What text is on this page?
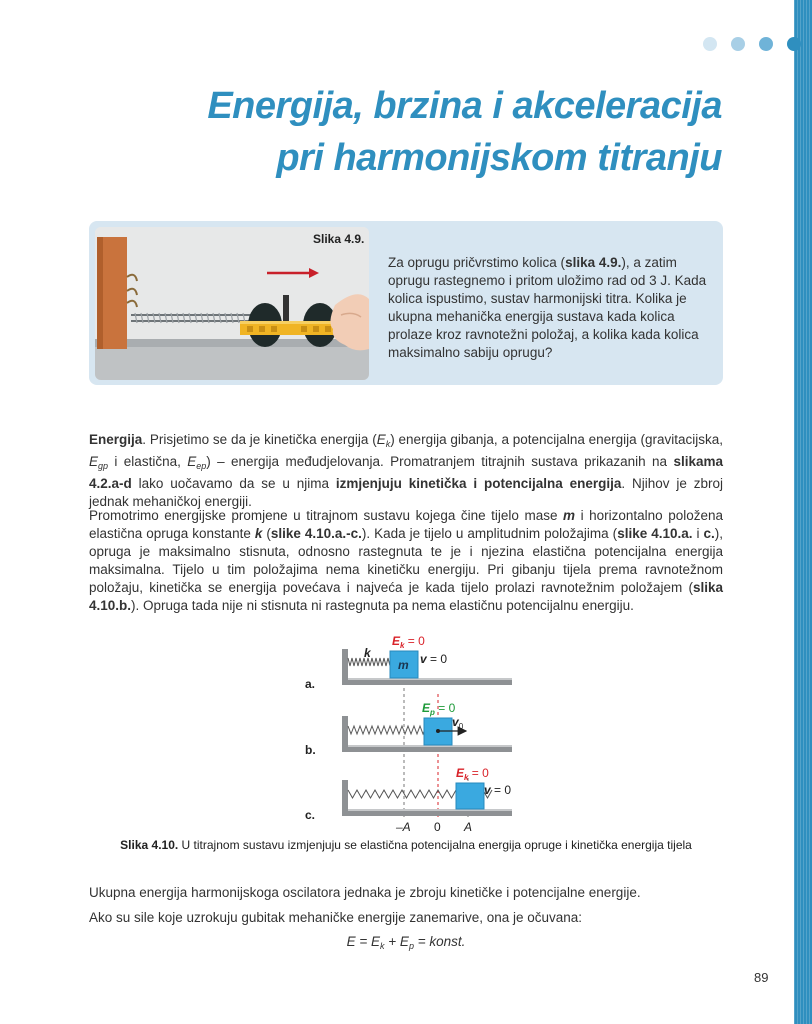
Energija, brzina i akceleracija
pri harmonijskom titranju
Slika 4.9.
Za oprugu pričvrstimo kolica (slika 4.9.), a zatim oprugu rastegnemo i pritom uložimo rad od 3 J. Kada kolica ispustimo, sustav harmonijski titra. Kolika je ukupna mehanička energija sustava kada kolica prolaze kroz ravnotežni položaj, a kolika kada kolica maksimalno sabiju oprugu?
Energija. Prisjetimo se da je kinetička energija $(E_k)$ energija gibanja, a potencijalna energija (gravitacijska, $E_{gp}$ i elastična, $E_{ep}$) – energija međudjelovanja. Promatranjem titrajnih sustava prikazanih na slikama 4.2.a-d lako uočavamo da se u njima izmjenjuju kinetička i potencijalna energija. Njihov je zbroj jednak mehaničkoj energiji.
Promotrimo energijske promjene u titrajnom sustavu kojega čine tijelo mase m i horizontalno položena elastična opruga konstante k (slike 4.10.a.-c.). Kada je tijelo u amplitudnim položajima (slike 4.10.a. i c.), opruga je maksimalno stisnuta, odnosno rastegnuta te je i njezina elastična potencijalna energija maksimalna. Tijelo u tim položajima nema kinetičku energiju. Pri gibanju tijela prema ravnotežnom položaju, kinetička se energija povećava i najveća je kada tijelo prolazi ravnotežnim položajem (slika 4.10.b.). Opruga tada nije ni stisnuta ni rastegnuta pa nema elastičnu potencijalnu energiju.
a.
k
m
$E_k = 0$
v = 0
b.
$E_p = 0$
$v_0$
c.
$E_k = 0$
v = 0
–A 0 A
Slika 4.10. U titrajnom sustavu izmjenjuju se elastična potencijalna energija opruge i kinetička energija tijela
Ukupna energija harmonijskoga oscilatora jednaka je zbroju kinetičke i potencijalne energije.
Ako su sile koje uzrokuju gubitak mehaničke energije zanemarive, ona je očuvana:
$E = E_k + E_p$ = konst.
89
